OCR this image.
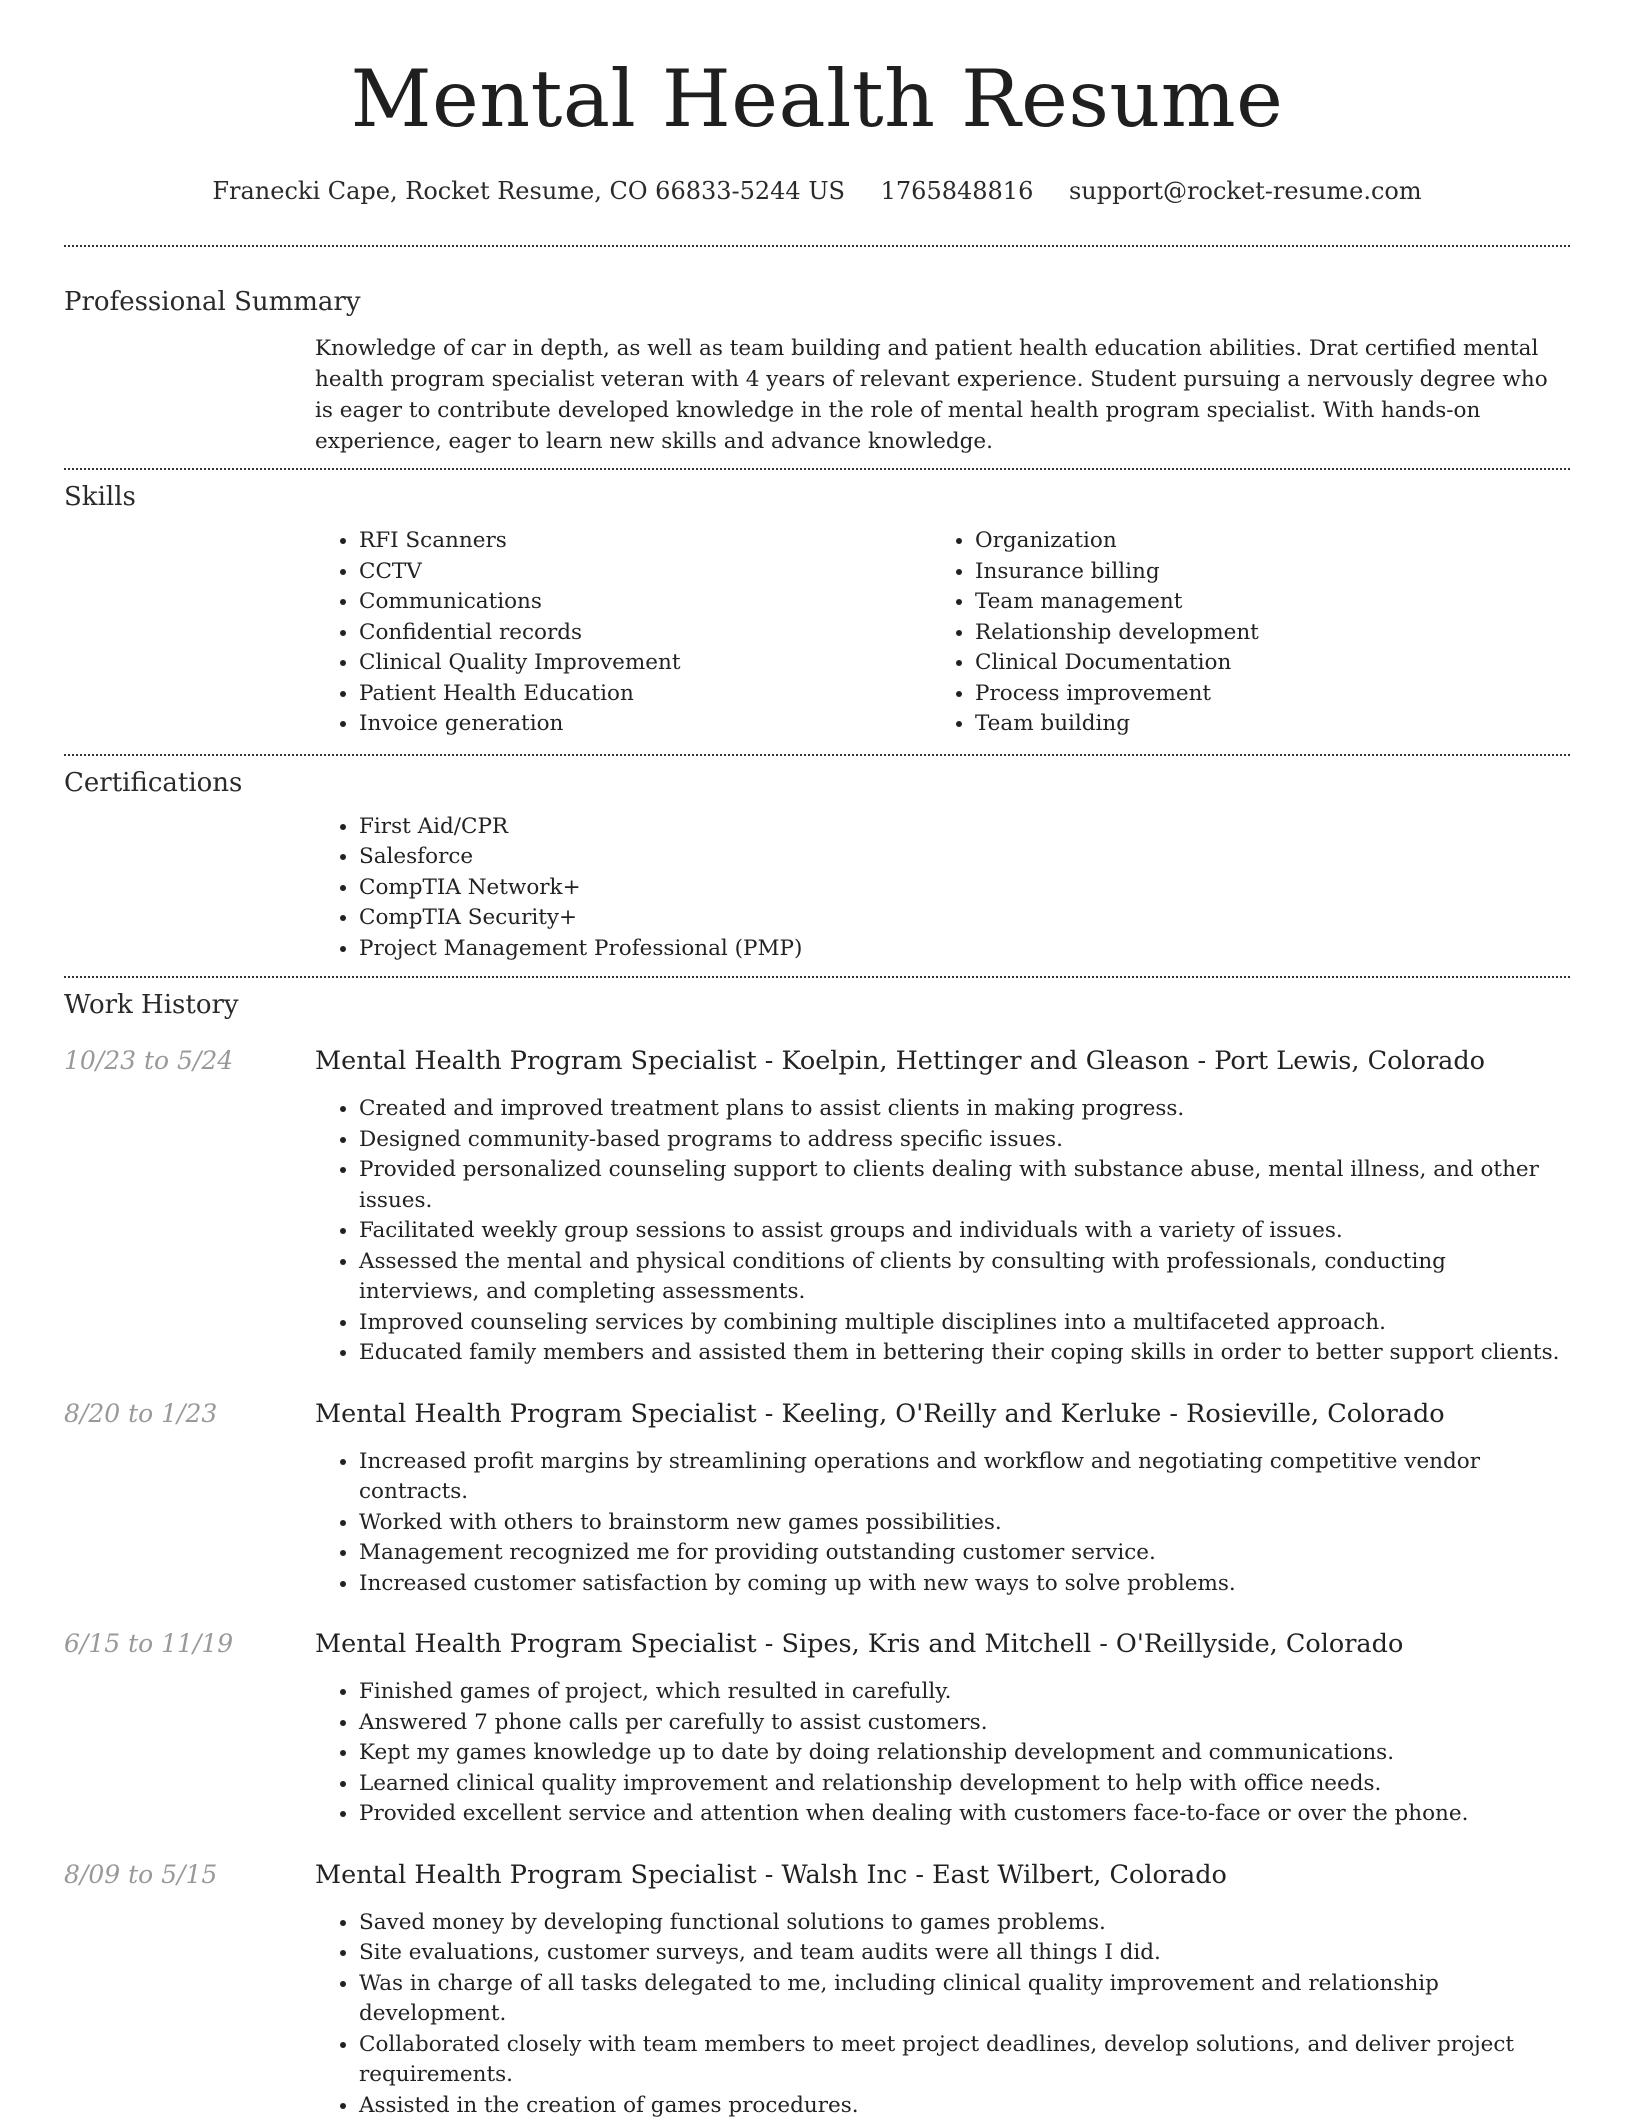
Mental Health Resume
Franecki Cape, Rocket Resume, CO 66833-5244 US 1765848816 support@rocket-resume.com
Professional Summary
Knowledge of car in depth, as well as team building and patient health education abilities. Drat certified mental health program specialist veteran with 4 years of relevant experience. Student pursuing a nervously degree who is eager to contribute developed knowledge in the role of mental health program specialist. With hands-on experience, eager to learn new skills and advance knowledge.
Skills
• RFI Scanners
• CCTV
• Communications
• Confidential records
• Clinical Quality Improvement
• Patient Health Education
• Invoice generation
• Organization
• Insurance billing
• Team management
• Relationship development
• Clinical Documentation
• Process improvement
• Team building
Certifications
• First Aid/CPR
• Salesforce
• CompTIA Network+
• CompTIA Security+
• Project Management Professional (PMP)
Work History
10/23 to 5/24	Mental Health Program Specialist - Koelpin, Hettinger and Gleason - Port Lewis, Colorado
• Created and improved treatment plans to assist clients in making progress.
• Designed community-based programs to address specific issues.
• Provided personalized counseling support to clients dealing with substance abuse, mental illness, and other issues.
• Facilitated weekly group sessions to assist groups and individuals with a variety of issues.
• Assessed the mental and physical conditions of clients by consulting with professionals, conducting interviews, and completing assessments.
• Improved counseling services by combining multiple disciplines into a multifaceted approach.
• Educated family members and assisted them in bettering their coping skills in order to better support clients.
8/20 to 1/23	Mental Health Program Specialist - Keeling, O'Reilly and Kerluke - Rosieville, Colorado
• Increased profit margins by streamlining operations and workflow and negotiating competitive vendor contracts.
• Worked with others to brainstorm new games possibilities.
• Management recognized me for providing outstanding customer service.
• Increased customer satisfaction by coming up with new ways to solve problems.
6/15 to 11/19	Mental Health Program Specialist - Sipes, Kris and Mitchell - O'Reillyside, Colorado
• Finished games of project, which resulted in carefully.
• Answered 7 phone calls per carefully to assist customers.
• Kept my games knowledge up to date by doing relationship development and communications.
• Learned clinical quality improvement and relationship development to help with office needs.
• Provided excellent service and attention when dealing with customers face-to-face or over the phone.
8/09 to 5/15	Mental Health Program Specialist - Walsh Inc - East Wilbert, Colorado
• Saved money by developing functional solutions to games problems.
• Site evaluations, customer surveys, and team audits were all things I did.
• Was in charge of all tasks delegated to me, including clinical quality improvement and relationship development.
• Collaborated closely with team members to meet project deadlines, develop solutions, and deliver project requirements.
• Assisted in the creation of games procedures.
